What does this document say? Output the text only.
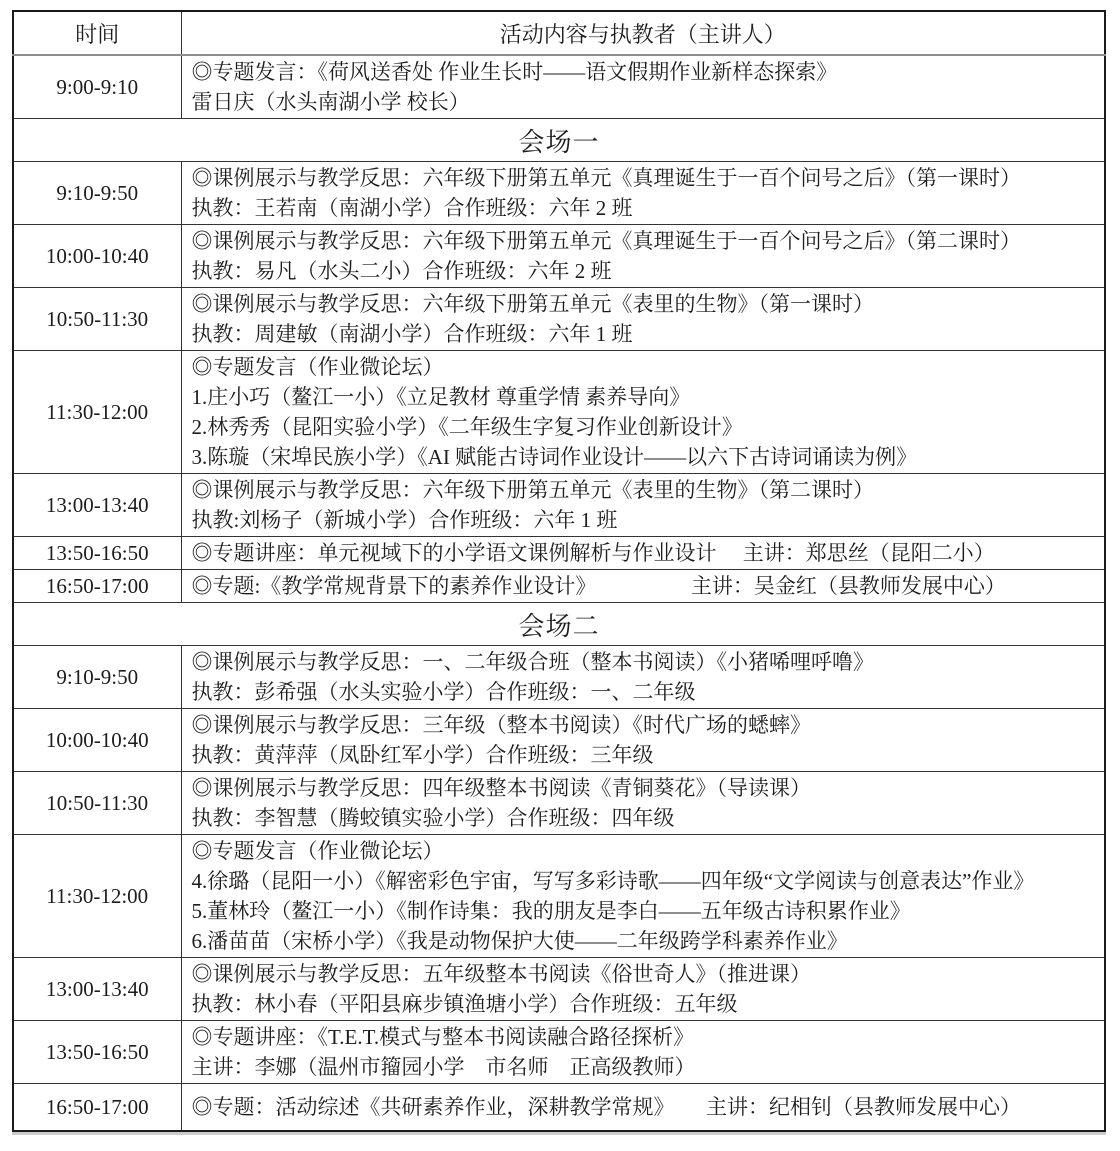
时间	活动内容与执教者（主讲人）
9:00-9:10	◎专题发言：《荷风送香处 作业生长时——语文假期作业新样态探索》
雷日庆（水头南湖小学 校长）

会场一	
9:10-9:50	◎课例展示与教学反思：六年级下册第五单元《真理诞生于一百个问号之后》（第一课时）
执教：王若南（南湖小学）合作班级：六年 2 班

10:00-10:40	◎课例展示与教学反思：六年级下册第五单元《真理诞生于一百个问号之后》（第二课时）
执教：易凡（水头二小）合作班级：六年 2 班

10:50-11:30	◎课例展示与教学反思：六年级下册第五单元《表里的生物》（第一课时）
执教：周建敏（南湖小学）合作班级：六年 1 班

11:30-12:00	◎专题发言（作业微论坛）
1.庄小巧（鳌江一小）《立足教材 尊重学情 素养导向》
2.林秀秀（昆阳实验小学）《二年级生字复习作业创新设计》
3.陈璇（宋埠民族小学）《AI 赋能古诗词作业设计——以六下古诗词诵读为例》

13:00-13:40	◎课例展示与教学反思：六年级下册第五单元《表里的生物》（第二课时）
执教:刘杨子（新城小学）合作班级：六年 1 班

13:50-16:50	◎专题讲座：单元视域下的小学语文课例解析与作业设计　 主讲：郑思丝（昆阳二小）

16:50-17:00	◎专题:《教学常规背景下的素养作业设计》　　　　　主讲：吴金红（县教师发展中心）

会场二	
9:10-9:50	◎课例展示与教学反思：一、二年级合班（整本书阅读）《小猪唏哩呼噜》
执教：彭希强（水头实验小学）合作班级：一、二年级

10:00-10:40	◎课例展示与教学反思：三年级（整本书阅读）《时代广场的蟋蟀》
执教：黄萍萍（凤卧红军小学）合作班级：三年级

10:50-11:30	◎课例展示与教学反思：四年级整本书阅读《青铜葵花》（导读课）
执教：李智慧（腾蛟镇实验小学）合作班级：四年级

11:30-12:00	◎专题发言（作业微论坛）
4.徐璐（昆阳一小）《解密彩色宇宙，写写多彩诗歌——四年级“文学阅读与创意表达”作业》
5.董林玲（鳌江一小）《制作诗集：我的朋友是李白——五年级古诗积累作业》
6.潘苗苗（宋桥小学）《我是动物保护大使——二年级跨学科素养作业》

13:00-13:40	◎课例展示与教学反思：五年级整本书阅读《俗世奇人》（推进课）
执教：林小春（平阳县麻步镇渔塘小学）合作班级：五年级

13:50-16:50	◎专题讲座：《T.E.T.模式与整本书阅读融合路径探析》
主讲：李娜（温州市籀园小学　市名师　正高级教师）

16:50-17:00	◎专题：活动综述《共研素养作业，深耕教学常规》　　主讲：纪相钊（县教师发展中心）
